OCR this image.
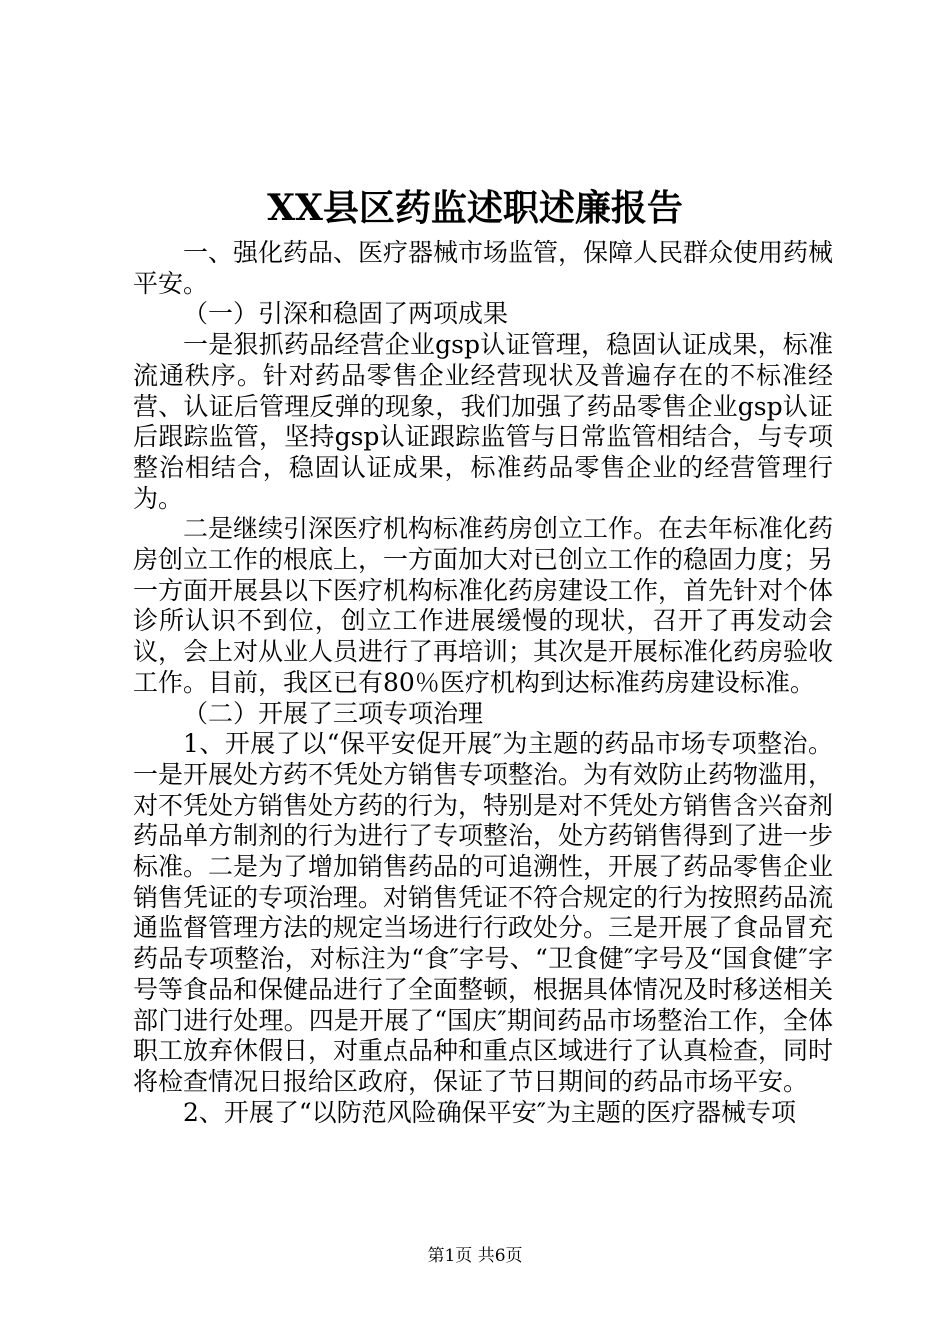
XX县区药监述职述廉报告

一、强化药品、医疗器械市场监管，保障人民群众使用药械平安。

（一）引深和稳固了两项成果

一是狠抓药品经营企业gsp认证管理，稳固认证成果，标准流通秩序。针对药品零售企业经营现状及普遍存在的不标准经营、认证后管理反弹的现象，我们加强了药品零售企业gsp认证后跟踪监管，坚持gsp认证跟踪监管与日常监管相结合，与专项整治相结合，稳固认证成果，标准药品零售企业的经营管理行为。

二是继续引深医疗机构标准药房创立工作。在去年标准化药房创立工作的根底上，一方面加大对已创立工作的稳固力度；另一方面开展县以下医疗机构标准化药房建设工作，首先针对个体诊所认识不到位，创立工作进展缓慢的现状，召开了再发动会议，会上对从业人员进行了再培训；其次是开展标准化药房验收工作。目前，我区已有80％医疗机构到达标准药房建设标准。

（二）开展了三项专项治理

1、开展了以“保平安促开展″为主题的药品市场专项整治。一是开展处方药不凭处方销售专项整治。为有效防止药物滥用，对不凭处方销售处方药的行为，特别是对不凭处方销售含兴奋剂药品单方制剂的行为进行了专项整治，处方药销售得到了进一步标准。二是为了增加销售药品的可追溯性，开展了药品零售企业销售凭证的专项治理。对销售凭证不符合规定的行为按照药品流通监督管理方法的规定当场进行行政处分。三是开展了食品冒充药品专项整治，对标注为“食″字号、“卫食健″字号及“国食健″字号等食品和保健品进行了全面整顿，根据具体情况及时移送相关部门进行处理。四是开展了“国庆″期间药品市场整治工作，全体职工放弃休假日，对重点品种和重点区域进行了认真检查，同时将检查情况日报给区政府，保证了节日期间的药品市场平安。

2、开展了“以防范风险确保平安″为主题的医疗器械专项

第1页 共6页
